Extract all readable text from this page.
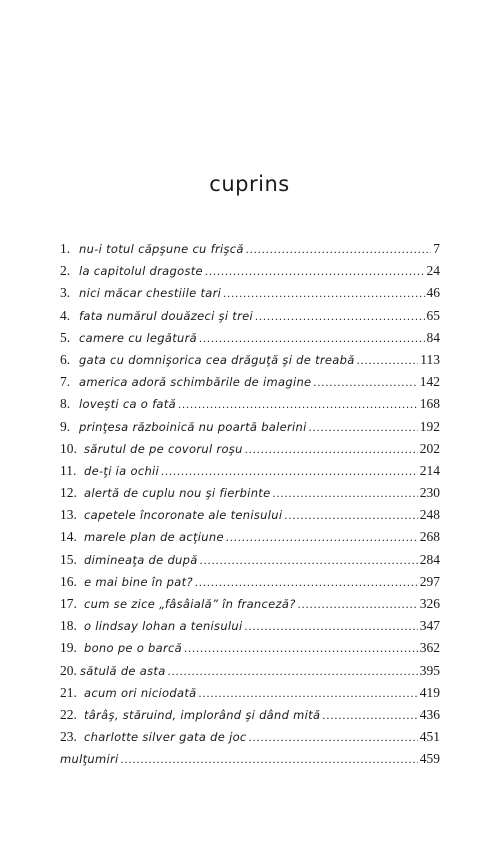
cuprins
1. nu-i totul căpşune cu frişcă .....	7
2. la capitolul dragoste .....	24
3. nici măcar chestiile tari .....	46
4. fata numărul douăzeci şi trei .....	65
5. camere cu legătură .....	84
6. gata cu domnişorica cea drăguţă şi de treabă .....	113
7. america adoră schimbările de imagine .....	142
8. loveşti ca o fată .....	168
9. prinţesa războinică nu poartă balerini .....	192
10. sărutul de pe covorul roşu .....	202
11. de-ţi ia ochii .....	214
12. alertă de cuplu nou şi fierbinte .....	230
13. capetele încoronate ale tenisului .....	248
14. marele plan de acţiune .....	268
15. dimineaţa de după .....	284
16. e mai bine în pat? .....	297
17. cum se zice „fâsâială” în franceză? .....	326
18. o lindsay lohan a tenisului .....	347
19. bono pe o barcă .....	362
20. sătulă de asta .....	395
21. acum ori niciodată .....	419
22. târâş, stăruind, implorând şi dând mită .....	436
23. charlotte silver gata de joc .....	451
mulţumiri .....	459
